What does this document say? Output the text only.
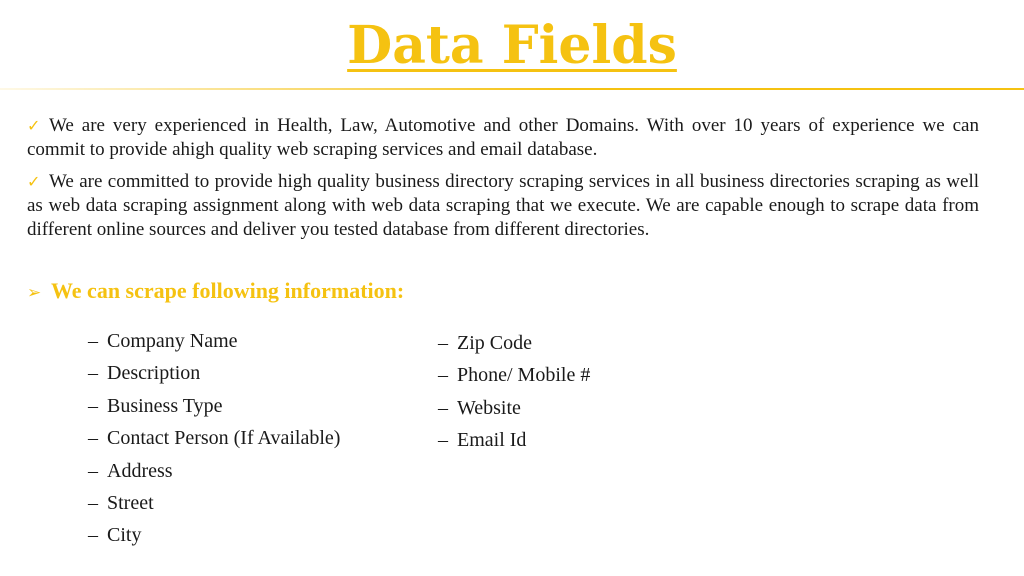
Data Fields
✓ We are very experienced in Health, Law, Automotive and other Domains. With over 10 years of experience we can commit to provide ahigh quality web scraping services and email database.
✓ We are committed to provide high quality business directory scraping services in all business directories scraping as well as web data scraping assignment along with web data scraping that we execute. We are capable enough to scrape data from different online sources and deliver you tested database from different directories.
➢ We can scrape following information:
– Company Name
– Description
– Business Type
– Contact Person (If Available)
– Address
– Street
– City
– Zip Code
– Phone/ Mobile #
– Website
– Email Id
